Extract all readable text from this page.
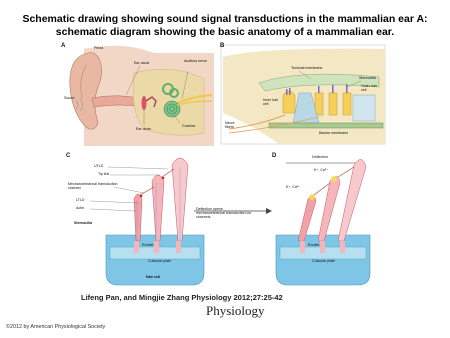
Schematic drawing showing sound signal transductions in the mammalian ear A: schematic diagram showing the basic anatomy of a mammalian ear.
A	Pinna
Ear canal	Auditory nerve
Sound
Cochlea
Ear drum
B
Tectorial membrane
Stereocilia
Outer hair cell
Inner hair cell
Nerve fibers
Basilar membrane
C
UTLD
Tip link
Mechanoelectrical transduction channel
LTLD
Actin
Stereocilia
Rootlet
Cuticular plate
Hair cell
Deflection opens mechanoelectrical transduction ion channels
D	Deflection
K⁺, Ca²⁺
K⁺, Ca²⁺
Rootlet
Cuticular plate
Lifeng Pan, and Mingjie Zhang Physiology 2012;27:25-42
Physiology
©2012 by American Physiological Society
